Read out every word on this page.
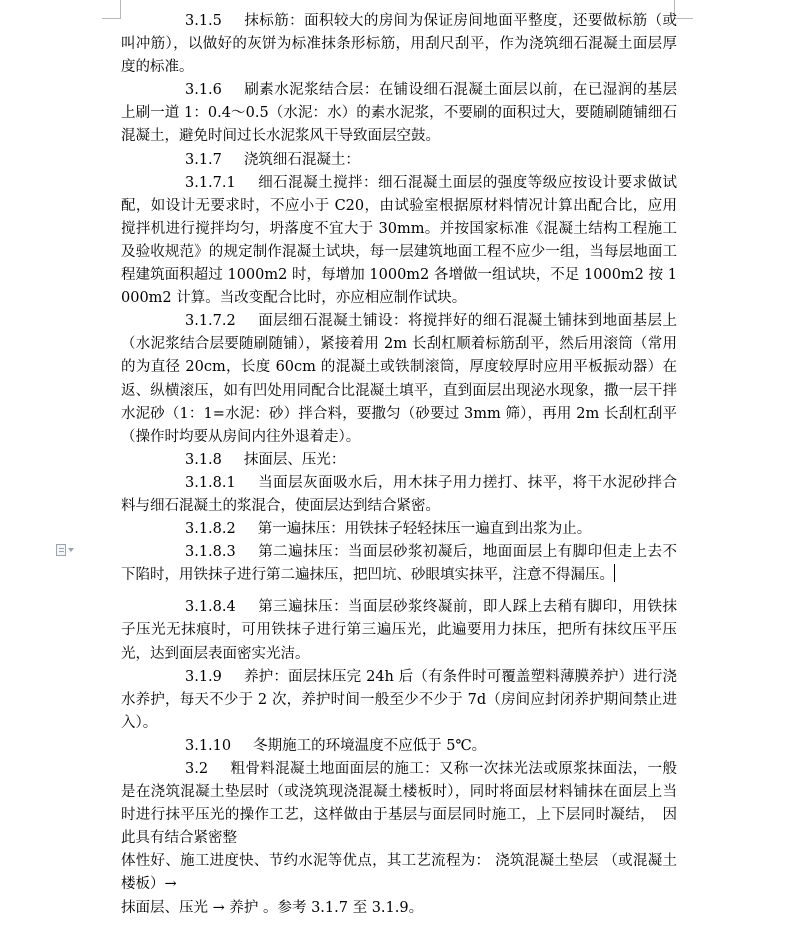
3.1.5 抹标筋：面积较大的房间为保证房间地面平整度，还要做标筋（或叫冲筋），以做好的灰饼为标准抹条形标筋，用刮尺刮平，作为浇筑细石混凝土面层厚度的标准。

3.1.6 刷素水泥浆结合层：在铺设细石混凝土面层以前，在已湿润的基层上刷一道 1：0.4～0.5（水泥：水）的素水泥浆，不要刷的面积过大，要随刷随铺细石混凝土，避免时间过长水泥浆风干导致面层空鼓。

3.1.7 浇筑细石混凝土：

3.1.7.1 细石混凝土搅拌：细石混凝土面层的强度等级应按设计要求做试配，如设计无要求时，不应小于 C20，由试验室根据原材料情况计算出配合比，应用搅拌机进行搅拌均匀，坍落度不宜大于 30mm。并按国家标准《混凝土结构工程施工及验收规范》的规定制作混凝土试块，每一层建筑地面工程不应少一组，当每层地面工程建筑面积超过 1000m2 时，每增加 1000m2 各增做一组试块，不足 1000m2 按 1000m2 计算。当改变配合比时，亦应相应制作试块。

3.1.7.2 面层细石混凝土铺设：将搅拌好的细石混凝土铺抹到地面基层上（水泥浆结合层要随刷随铺），紧接着用 2m 长刮杠顺着标筋刮平，然后用滚筒（常用的为直径 20cm，长度 60cm 的混凝土或铁制滚筒，厚度较厚时应用平板振动器）在返、纵横滚压，如有凹处用同配合比混凝土填平，直到面层出现泌水现象，撒一层干拌水泥砂（1：1=水泥：砂）拌合料，要撒匀（砂要过 3mm 筛），再用 2m 长刮杠刮平（操作时均要从房间内往外退着走）。

3.1.8 抹面层、压光：

3.1.8.1 当面层灰面吸水后，用木抹子用力搓打、抹平，将干水泥砂拌合料与细石混凝土的浆混合，使面层达到结合紧密。

3.1.8.2 第一遍抹压：用铁抹子轻轻抹压一遍直到出浆为止。

3.1.8.3 第二遍抹压：当面层砂浆初凝后，地面面层上有脚印但走上去不下陷时，用铁抹子进行第二遍抹压，把凹坑、砂眼填实抹平，注意不得漏压。

3.1.8.4 第三遍抹压：当面层砂浆终凝前，即人踩上去稍有脚印，用铁抹子压光无抹痕时，可用铁抹子进行第三遍压光，此遍要用力抹压，把所有抹纹压平压光，达到面层表面密实光洁。

3.1.9 养护：面层抹压完 24h 后（有条件时可覆盖塑料薄膜养护）进行浇水养护，每天不少于 2 次，养护时间一般至少不少于 7d（房间应封闭养护期间禁止进入）。

3.1.10 冬期施工的环境温度不应低于 5℃。

3.2 粗骨料混凝土地面面层的施工：又称一次抹光法或原浆抹面法，一般是在浇筑混凝土垫层时（或浇筑现浇混凝土楼板时），同时将面层材料铺抹在面层上当时进行抹平压光的操作工艺，这样做由于基层与面层同时施工，上下层同时凝结，　因此具有结合紧密整

体性好、施工进度快、节约水泥等优点，其工艺流程为： 浇筑混凝土垫层 （或混凝土楼板）→

抹面层、压光 → 养护 。参考 3.1.7 至 3.1.9。
